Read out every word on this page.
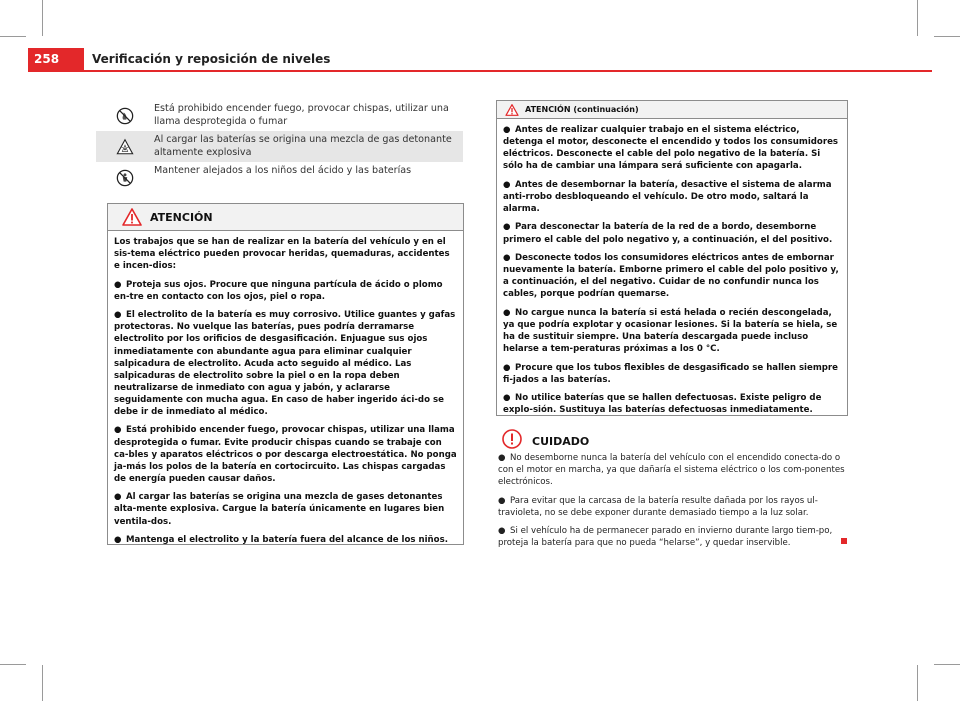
258	Verificación y reposición de niveles
Está prohibido encender fuego, provocar chispas, utilizar una llama desprotegida o fumar
Al cargar las baterías se origina una mezcla de gas detonante altamente explosiva
Mantener alejados a los niños del ácido y las baterías
ATENCIÓN

Los trabajos que se han de realizar en la batería del vehículo y en el sis-tema eléctrico pueden provocar heridas, quemaduras, accidentes e incen-dios:

● Proteja sus ojos. Procure que ninguna partícula de ácido o plomo en-tre en contacto con los ojos, piel o ropa.

● El electrolito de la batería es muy corrosivo. Utilice guantes y gafas protectoras. No vuelque las baterías, pues podría derramarse electrolito por los orificios de desgasificación. Enjuague sus ojos inmediatamente con abundante agua para eliminar cualquier salpicadura de electrolito. Acuda acto seguido al médico. Las salpicaduras de electrolito sobre la piel o en la ropa deben neutralizarse de inmediato con agua y jabón, y aclararse seguidamente con mucha agua. En caso de haber ingerido áci-do se debe ir de inmediato al médico.

● Está prohibido encender fuego, provocar chispas, utilizar una llama desprotegida o fumar. Evite producir chispas cuando se trabaje con ca-bles y aparatos eléctricos o por descarga electroestática. No ponga ja-más los polos de la batería en cortocircuito. Las chispas cargadas de energía pueden causar daños.

● Al cargar las baterías se origina una mezcla de gases detonantes alta-mente explosiva. Cargue la batería únicamente en lugares bien ventila-dos.

● Mantenga el electrolito y la batería fuera del alcance de los niños.

ATENCIÓN (continuación)

● Antes de realizar cualquier trabajo en el sistema eléctrico, detenga el motor, desconecte el encendido y todos los consumidores eléctricos. Desconecte el cable del polo negativo de la batería. Si sólo ha de cambiar una lámpara será suficiente con apagarla.

● Antes de desembornar la batería, desactive el sistema de alarma anti-rrobo desbloqueando el vehículo. De otro modo, saltará la alarma.

● Para desconectar la batería de la red de a bordo, desemborne primero el cable del polo negativo y, a continuación, el del positivo.

● Desconecte todos los consumidores eléctricos antes de embornar nuevamente la batería. Emborne primero el cable del polo positivo y, a continuación, el del negativo. Cuidar de no confundir nunca los cables, porque podrían quemarse.

● No cargue nunca la batería si está helada o recién descongelada, ya que podría explotar y ocasionar lesiones. Si la batería se hiela, se ha de sustituir siempre. Una batería descargada puede incluso helarse a tem-peraturas próximas a los 0 °C.

● Procure que los tubos flexibles de desgasificado se hallen siempre fi-jados a las baterías.

● No utilice baterías que se hallen defectuosas. Existe peligro de explo-sión. Sustituya las baterías defectuosas inmediatamente.

CUIDADO

● No desemborne nunca la batería del vehículo con el encendido conecta-do o con el motor en marcha, ya que dañaría el sistema eléctrico o los com-ponentes electrónicos.

● Para evitar que la carcasa de la batería resulte dañada por los rayos ul-travioleta, no se debe exponer durante demasiado tiempo a la luz solar.

● Si el vehículo ha de permanecer parado en invierno durante largo tiem-po, proteja la batería para que no pueda “helarse”, y quedar inservible.
